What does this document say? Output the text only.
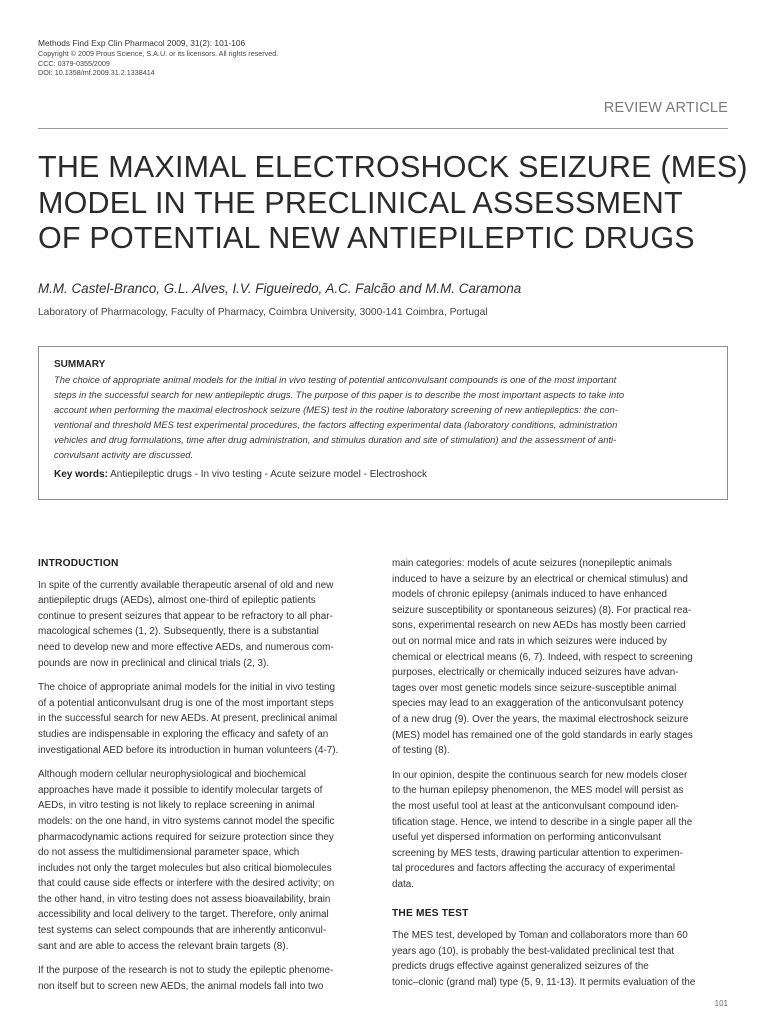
Methods Find Exp Clin Pharmacol 2009, 31(2): 101-106
Copyright © 2009 Prous Science, S.A.U. or its licensors. All rights reserved.
CCC: 0379-0355/2009
DOI: 10.1358/mf.2009.31.2.1338414
REVIEW ARTICLE
THE MAXIMAL ELECTROSHOCK SEIZURE (MES)
MODEL IN THE PRECLINICAL ASSESSMENT
OF POTENTIAL NEW ANTIEPILEPTIC DRUGS
M.M. Castel-Branco, G.L. Alves, I.V. Figueiredo, A.C. Falcão and M.M. Caramona
Laboratory of Pharmacology, Faculty of Pharmacy, Coimbra University, 3000-141 Coimbra, Portugal
SUMMARY
The choice of appropriate animal models for the initial in vivo testing of potential anticonvulsant compounds is one of the most important
steps in the successful search for new antiepileptic drugs. The purpose of this paper is to describe the most important aspects to take into
account when performing the maximal electroshock seizure (MES) test in the routine laboratory screening of new antiepileptics: the con-
ventional and threshold MES test experimental procedures, the factors affecting experimental data (laboratory conditions, administration
vehicles and drug formulations, time after drug administration, and stimulus duration and site of stimulation) and the assessment of anti-
convulsant activity are discussed.
Key words: Antiepileptic drugs - In vivo testing - Acute seizure model - Electroshock
INTRODUCTION

In spite of the currently available therapeutic arsenal of old and new
antiepileptic drugs (AEDs), almost one-third of epileptic patients
continue to present seizures that appear to be refractory to all phar-
macological schemes (1, 2). Subsequently, there is a substantial
need to develop new and more effective AEDs, and numerous com-
pounds are now in preclinical and clinical trials (2, 3).

The choice of appropriate animal models for the initial in vivo testing
of a potential anticonvulsant drug is one of the most important steps
in the successful search for new AEDs. At present, preclinical animal
studies are indispensable in exploring the efficacy and safety of an
investigational AED before its introduction in human volunteers (4-7).

Although modern cellular neurophysiological and biochemical
approaches have made it possible to identify molecular targets of
AEDs, in vitro testing is not likely to replace screening in animal
models: on the one hand, in vitro systems cannot model the specific
pharmacodynamic actions required for seizure protection since they
do not assess the multidimensional parameter space, which
includes not only the target molecules but also critical biomolecules
that could cause side effects or interfere with the desired activity; on
the other hand, in vitro testing does not assess bioavailability, brain
accessibility and local delivery to the target. Therefore, only animal
test systems can select compounds that are inherently anticonvul-
sant and are able to access the relevant brain targets (8).

If the purpose of the research is not to study the epileptic phenome-
non itself but to screen new AEDs, the animal models fall into two

main categories: models of acute seizures (nonepileptic animals
induced to have a seizure by an electrical or chemical stimulus) and
models of chronic epilepsy (animals induced to have enhanced
seizure susceptibility or spontaneous seizures) (8). For practical rea-
sons, experimental research on new AEDs has mostly been carried
out on normal mice and rats in which seizures were induced by
chemical or electrical means (6, 7). Indeed, with respect to screening
purposes, electrically or chemically induced seizures have advan-
tages over most genetic models since seizure-susceptible animal
species may lead to an exaggeration of the anticonvulsant potency
of a new drug (9). Over the years, the maximal electroshock seizure
(MES) model has remained one of the gold standards in early stages
of testing (8).

In our opinion, despite the continuous search for new models closer
to the human epilepsy phenomenon, the MES model will persist as
the most useful tool at least at the anticonvulsant compound iden-
tification stage. Hence, we intend to describe in a single paper all the
useful yet dispersed information on performing anticonvulsant
screening by MES tests, drawing particular attention to experimen-
tal procedures and factors affecting the accuracy of experimental
data.

THE MES TEST

The MES test, developed by Toman and collaborators more than 60
years ago (10), is probably the best-validated preclinical test that
predicts drugs effective against generalized seizures of the
tonic–clonic (grand mal) type (5, 9, 11-13). It permits evaluation of the

101
